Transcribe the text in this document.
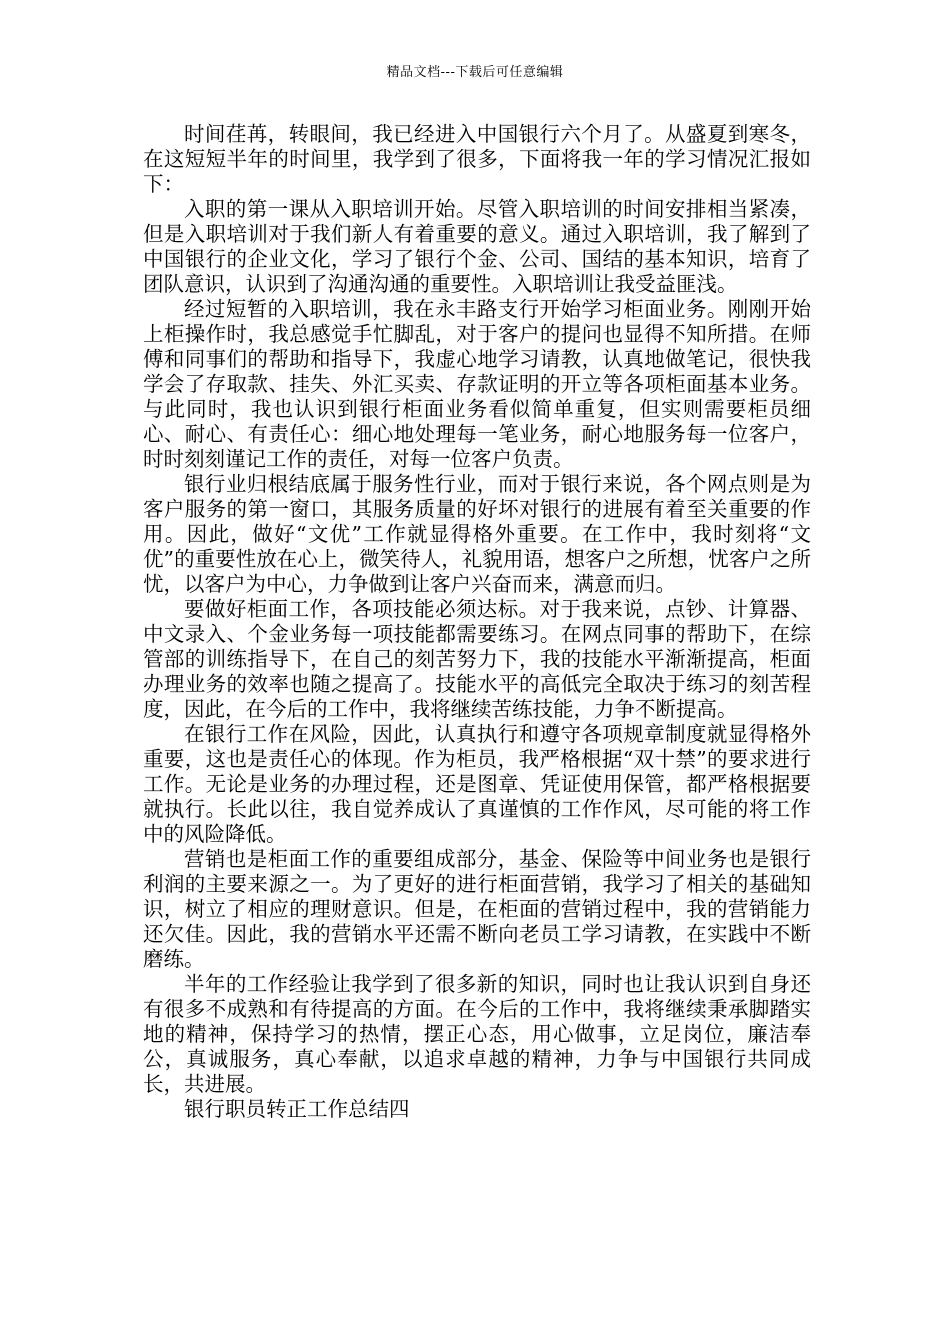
精品文档---下载后可任意编辑

时间荏苒，转眼间，我已经进入中国银行六个月了。从盛夏到寒冬，在这短短半年的时间里，我学到了很多，下面将我一年的学习情况汇报如下：

入职的第一课从入职培训开始。尽管入职培训的时间安排相当紧凑，但是入职培训对于我们新人有着重要的意义。通过入职培训，我了解到了中国银行的企业文化，学习了银行个金、公司、国结的基本知识，培育了团队意识，认识到了沟通沟通的重要性。入职培训让我受益匪浅。

经过短暂的入职培训，我在永丰路支行开始学习柜面业务。刚刚开始上柜操作时，我总感觉手忙脚乱，对于客户的提问也显得不知所措。在师傅和同事们的帮助和指导下，我虚心地学习请教，认真地做笔记，很快我学会了存取款、挂失、外汇买卖、存款证明的开立等各项柜面基本业务。与此同时，我也认识到银行柜面业务看似简单重复，但实则需要柜员细心、耐心、有责任心：细心地处理每一笔业务，耐心地服务每一位客户，时时刻刻谨记工作的责任，对每一位客户负责。

银行业归根结底属于服务性行业，而对于银行来说，各个网点则是为客户服务的第一窗口，其服务质量的好坏对银行的进展有着至关重要的作用。因此，做好“文优”工作就显得格外重要。在工作中，我时刻将“文优”的重要性放在心上，微笑待人，礼貌用语，想客户之所想，忧客户之所忧，以客户为中心，力争做到让客户兴奋而来，满意而归。

要做好柜面工作，各项技能必须达标。对于我来说，点钞、计算器、中文录入、个金业务每一项技能都需要练习。在网点同事的帮助下，在综管部的训练指导下，在自己的刻苦努力下，我的技能水平渐渐提高，柜面办理业务的效率也随之提高了。技能水平的高低完全取决于练习的刻苦程度，因此，在今后的工作中，我将继续苦练技能，力争不断提高。

在银行工作在风险，因此，认真执行和遵守各项规章制度就显得格外重要，这也是责任心的体现。作为柜员，我严格根据“双十禁”的要求进行工作。无论是业务的办理过程，还是图章、凭证使用保管，都严格根据要就执行。长此以往，我自觉养成认了真谨慎的工作作风，尽可能的将工作中的风险降低。

营销也是柜面工作的重要组成部分，基金、保险等中间业务也是银行利润的主要来源之一。为了更好的进行柜面营销，我学习了相关的基础知识，树立了相应的理财意识。但是，在柜面的营销过程中，我的营销能力还欠佳。因此，我的营销水平还需不断向老员工学习请教，在实践中不断磨练。

半年的工作经验让我学到了很多新的知识，同时也让我认识到自身还有很多不成熟和有待提高的方面。在今后的工作中，我将继续秉承脚踏实地的精神，保持学习的热情，摆正心态，用心做事，立足岗位，廉洁奉公，真诚服务，真心奉献，以追求卓越的精神，力争与中国银行共同成长，共进展。

银行职员转正工作总结四
